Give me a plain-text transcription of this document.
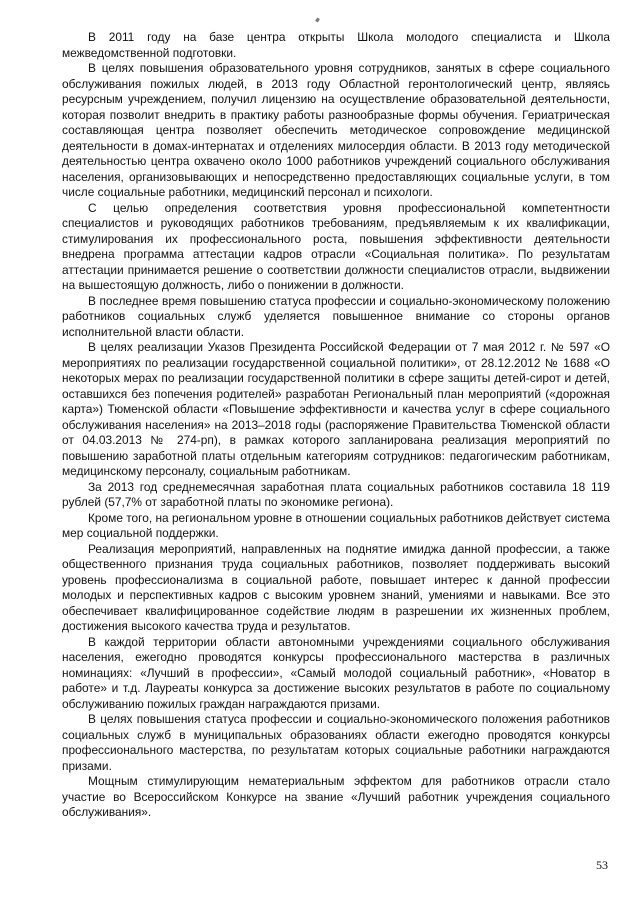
В 2011 году на базе центра открыты Школа молодого специалиста и Школа межведомственной подготовки.

В целях повышения образовательного уровня сотрудников, занятых в сфере социального обслуживания пожилых людей, в 2013 году Областной геронтологический центр, являясь ресурсным учреждением, получил лицензию на осуществление образовательной деятельности, которая позволит внедрить в практику работы разнообразные формы обучения. Гериатрическая составляющая центра позволяет обеспечить методическое сопровождение медицинской деятельности в домах-интернатах и отделениях милосердия области. В 2013 году методической деятельностью центра охвачено около 1000 работников учреждений социального обслуживания населения, организовывающих и непосредственно предоставляющих социальные услуги, в том числе социальные работники, медицинский персонал и психологи.

С целью определения соответствия уровня профессиональной компетентности специалистов и руководящих работников требованиям, предъявляемым к их квалификации, стимулирования их профессионального роста, повышения эффективности деятельности внедрена программа аттестации кадров отрасли «Социальная политика». По результатам аттестации принимается решение о соответствии должности специалистов отрасли, выдвижении на вышестоящую должность, либо о понижении в должности.

В последнее время повышению статуса профессии и социально-экономическому положению работников социальных служб уделяется повышенное внимание со стороны органов исполнительной власти области.

В целях реализации Указов Президента Российской Федерации от 7 мая 2012 г. № 597 «О мероприятиях по реализации государственной социальной политики», от 28.12.2012 № 1688 «О некоторых мерах по реализации государственной политики в сфере защиты детей-сирот и детей, оставшихся без попечения родителей» разработан Региональный план мероприятий («дорожная карта») Тюменской области «Повышение эффективности и качества услуг в сфере социального обслуживания населения» на 2013–2018 годы (распоряжение Правительства Тюменской области от 04.03.2013 № 274-рп), в рамках которого запланирована реализация мероприятий по повышению заработной платы отдельным категориям сотрудников: педагогическим работникам, медицинскому персоналу, социальным работникам.

За 2013 год среднемесячная заработная плата социальных работников составила 18 119 рублей (57,7% от заработной платы по экономике региона).

Кроме того, на региональном уровне в отношении социальных работников действует система мер социальной поддержки.

Реализация мероприятий, направленных на поднятие имиджа данной профессии, а также общественного признания труда социальных работников, позволяет поддерживать высокий уровень профессионализма в социальной работе, повышает интерес к данной профессии молодых и перспективных кадров с высоким уровнем знаний, умениями и навыками. Все это обеспечивает квалифицированное содействие людям в разрешении их жизненных проблем, достижения высокого качества труда и результатов.

В каждой территории области автономными учреждениями социального обслуживания населения, ежегодно проводятся конкурсы профессионального мастерства в различных номинациях: «Лучший в профессии», «Самый молодой социальный работник», «Новатор в работе» и т.д. Лауреаты конкурса за достижение высоких результатов в работе по социальному обслуживанию пожилых граждан награждаются призами.

В целях повышения статуса профессии и социально-экономического положения работников социальных служб в муниципальных образованиях области ежегодно проводятся конкурсы профессионального мастерства, по результатам которых социальные работники награждаются призами.

Мощным стимулирующим нематериальным эффектом для работников отрасли стало участие во Всероссийском Конкурсе на звание «Лучший работник учреждения социального обслуживания».

53
